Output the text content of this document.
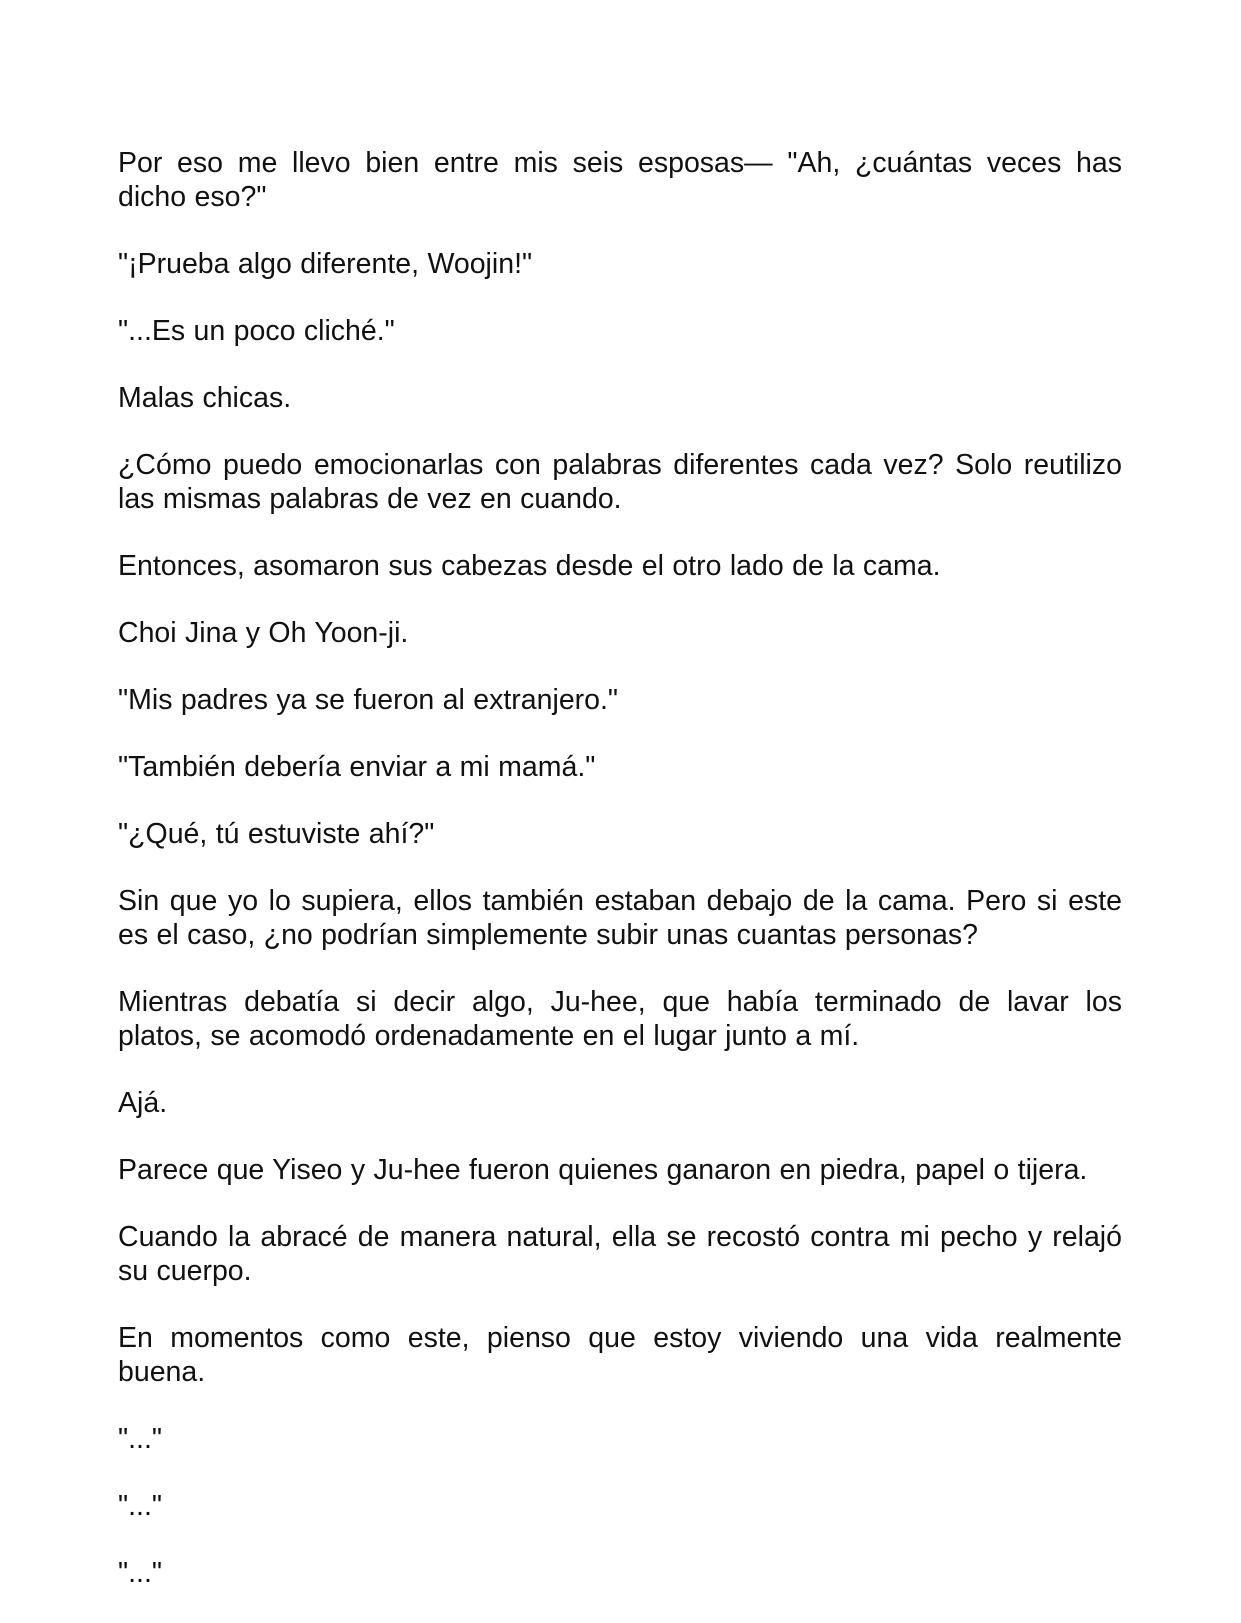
Por eso me llevo bien entre mis seis esposas— "Ah, ¿cuántas veces has dicho eso?"

"¡Prueba algo diferente, Woojin!"

"...Es un poco cliché."

Malas chicas.

¿Cómo puedo emocionarlas con palabras diferentes cada vez? Solo reutilizo las mismas palabras de vez en cuando.

Entonces, asomaron sus cabezas desde el otro lado de la cama.

Choi Jina y Oh Yoon-ji.

"Mis padres ya se fueron al extranjero."

"También debería enviar a mi mamá."

"¿Qué, tú estuviste ahí?"

Sin que yo lo supiera, ellos también estaban debajo de la cama. Pero si este es el caso, ¿no podrían simplemente subir unas cuantas personas?

Mientras debatía si decir algo, Ju-hee, que había terminado de lavar los platos, se acomodó ordenadamente en el lugar junto a mí.

Ajá.

Parece que Yiseo y Ju-hee fueron quienes ganaron en piedra, papel o tijera.

Cuando la abracé de manera natural, ella se recostó contra mi pecho y relajó su cuerpo.

En momentos como este, pienso que estoy viviendo una vida realmente buena.

"..."

"..."

"..."
